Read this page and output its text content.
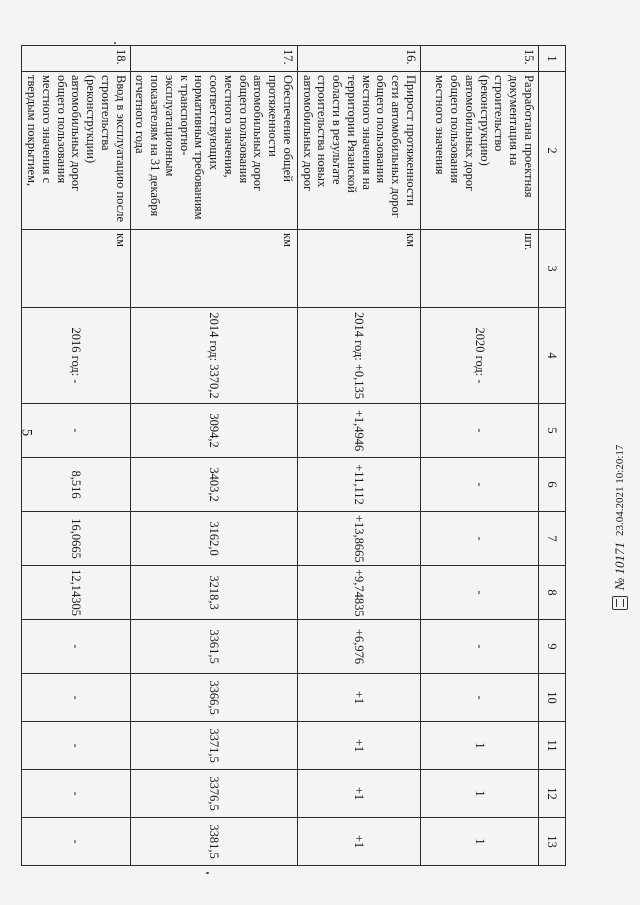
5
1	2	3	4	5	6	7	8	9	10	11	12	13
15.	Разработана проектная документация на строительство (реконструкцию) автомобильных дорог общего пользования местного значения	шт.	2020 год: -	-	-	-	-	-	-	1	1	1
16.	Прирост протяженности сети автомобильных дорог общего пользования местного значения на территории Рязанской области в результате строительства новых автомобильных дорог	км	2014 год: +0,135	+1,4946	+11,112	+13,8665	+9,74835	+6,976	+1	+1	+1	+1
17.	Обеспечение общей протяженности автомобильных дорог общего пользования местного значения, соответствующих нормативным требованиям к транспортно-эксплуатационным показателям на 31 декабря отчетного года	км	2014 год: 3370,2	3094,2	3403,2	3162,0	3218,3	3361,5	3366,5	3371,5	3376,5	3381,5
18.	Ввод в эксплуатацию после строительства (реконструкции) автомобильных дорог общего пользования местного значения с твердым покрытием,	км	2016 год: -	-	8,516	16,0665	12,14305	-	-	-	-	-
№ 10171
23.04.2021 10:20:17
